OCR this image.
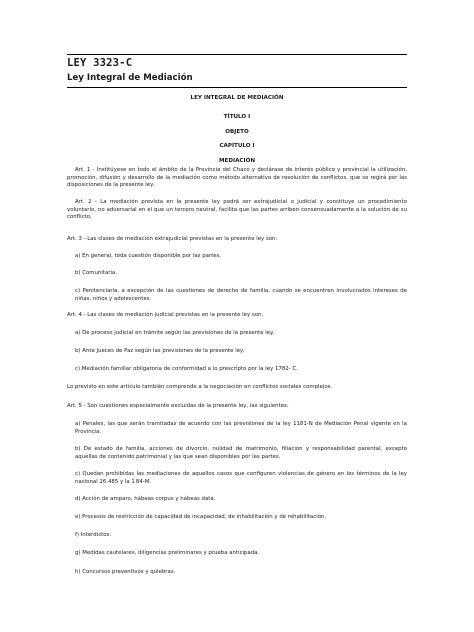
LEY 3323-C
Ley Integral de Mediación
LEY INTEGRAL DE MEDIACIÓN
TÍTULO I
OBJETO
CAPÍTULO I
MEDIACIÓN
Art. 1 - Institúyese en todo el ámbito de la Provincia del Chaco y declárase de interés público y provincial la utilización, promoción, difusión y desarrollo de la mediación como método alternativo de resolución de conflictos, que se regirá por las disposiciones de la presente ley.
Art. 2 - La mediación prevista en la presente ley podrá ser extrajudicial o judicial y constituye un procedimiento voluntario, no adversarial en el que un tercero neutral, facilita que las partes arriben consensuadamente a la solución de su conflicto.
Art. 3 - Las clases de mediación extrajudicial previstas en la presente ley son:
a) En general, toda cuestión disponible por las partes.
b) Comunitaria.
c) Penitenciaria, a excepción de las cuestiones de derecho de familia, cuando se encuentren involucrados intereses de niñas, niños y adolescentes.
Art. 4 - Las clases de mediación judicial previstas en la presente ley son:
a) De proceso judicial en trámite según las previsiones de la presente ley.
b) Ante Jueces de Paz según las previsiones de la presente ley.
c) Mediación familiar obligatoria de conformidad a lo prescripto por la ley 1782- C.
Lo previsto en este artículo también comprende a la negociación en conflictos sociales complejos.
Art. 5 - Son cuestiones especialmente excluidas de la presente ley, las siguientes:
a) Penales, las que serán tramitadas de acuerdo con las previsiones de la ley 1181-N de Mediación Penal vigente en la Provincia.
b) De estado de familia, acciones de divorcio, nulidad de matrimonio, filiación y responsabilidad parental, excepto aquéllas de contenido patrimonial y las que sean disponibles por las partes.
c) Quedan prohibidas las mediaciones de aquellos casos que configuren violencias de género en los términos de la ley nacional 26.485 y la 1 84-M.
d) Acción de amparo, hábeas corpus y hábeas data.
e) Procesos de restricción de capacidad de incapacidad, de inhabilitación y de rehabilitación.
f) Interdictos.
g) Medidas cautelares, diligencias preliminares y prueba anticipada.
h) Concursos preventivos y quiebras.
